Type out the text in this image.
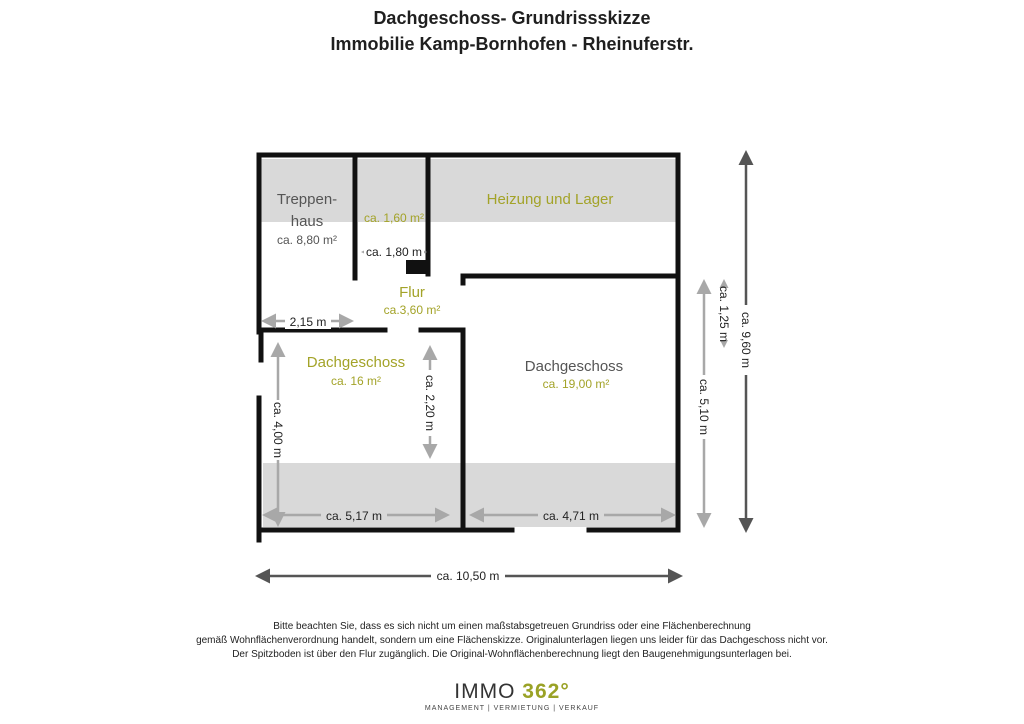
Dachgeschoss- Grundrissskizze
Immobilie Kamp-Bornhofen - Rheinuferstr.
Treppen-
haus
ca. 8,80 m²
ca. 1,60 m²
Heizung und Lager
Flur
ca.3,60 m²
Dachgeschoss
ca. 16 m²
Dachgeschoss
ca. 19,00 m²
ca. 1,80 m
2,15 m
ca. 5,17 m	ca. 4,71 m
ca. 10,50 m
ca. 2,20 m
ca. 4,00 m
ca. 1,25 m
ca. 5,10 m
ca. 9,60 m
Bitte beachten Sie, dass es sich nicht um einen maßstabsgetreuen Grundriss oder eine Flächenberechnung
gemäß Wohnflächenverordnung handelt, sondern um eine Flächenskizze. Originalunterlagen liegen uns leider für das Dachgeschoss nicht vor.
Der Spitzboden ist über den Flur zugänglich. Die Original-Wohnflächenberechnung liegt den Baugenehmigungsunterlagen bei.
IMMO 362°
MANAGEMENT | VERMIETUNG | VERKAUF
